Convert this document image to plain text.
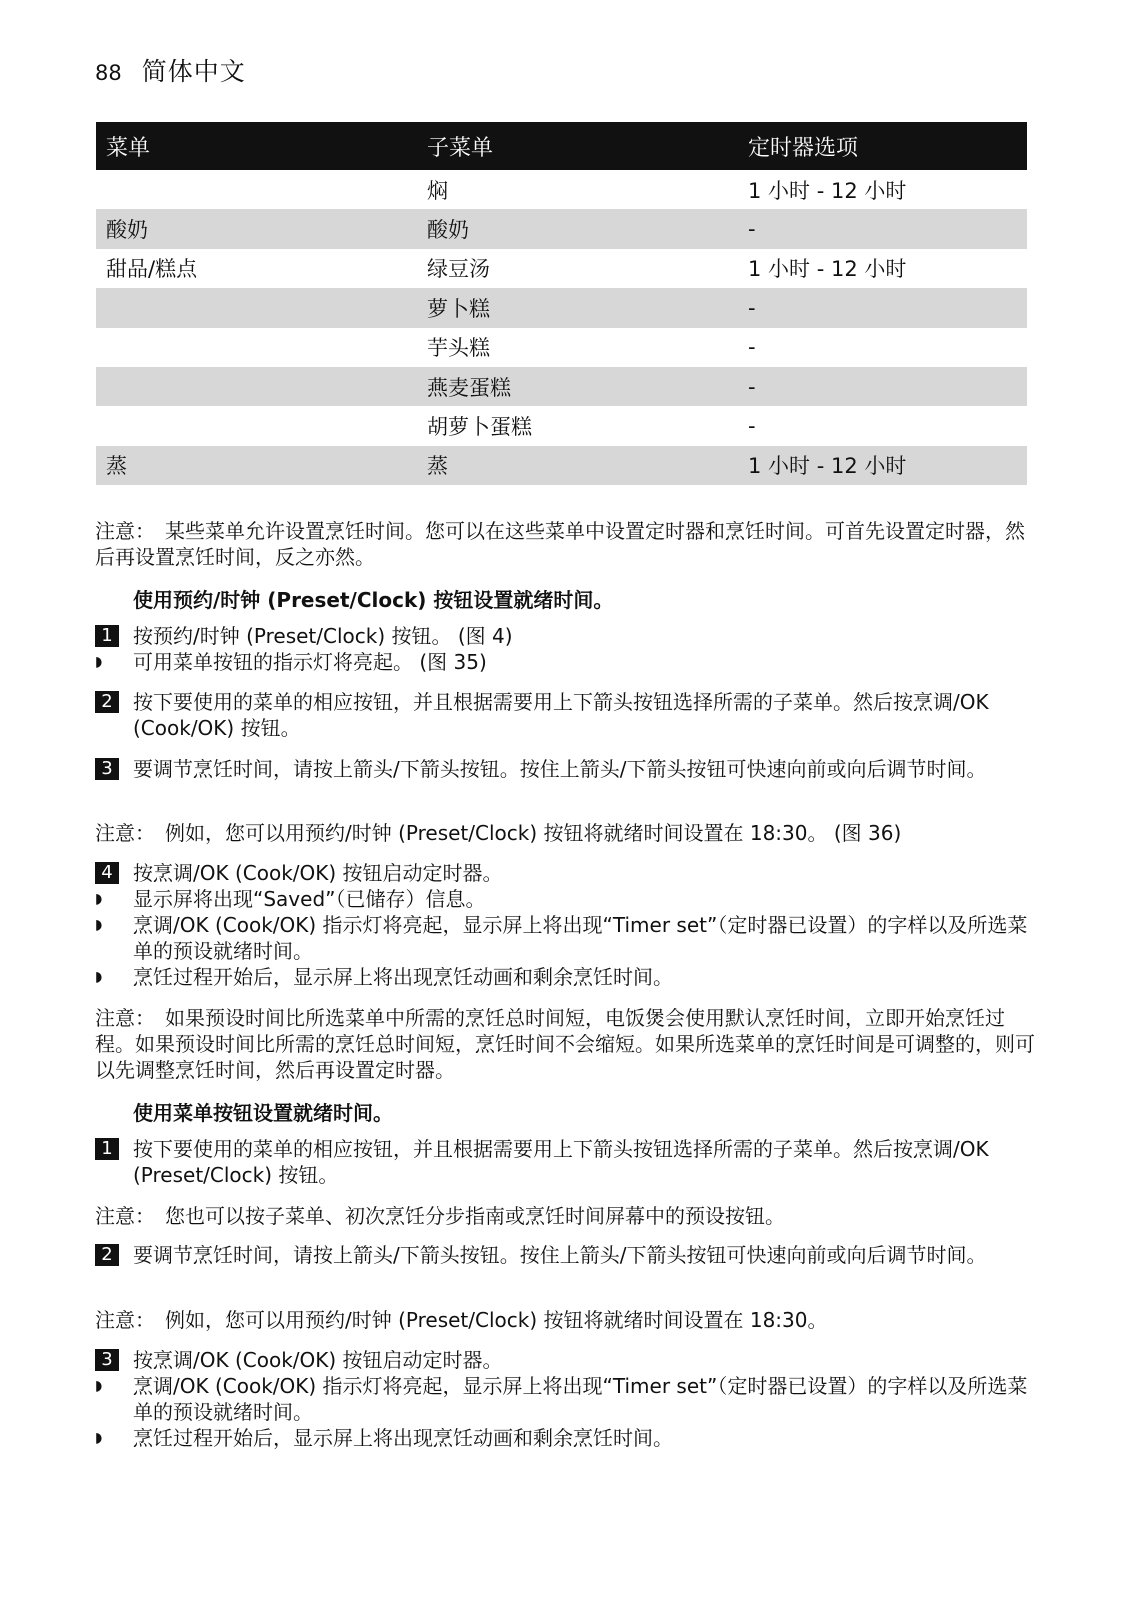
88 简体中文
菜单	子菜单	定时器选项
	焖	1 小时 - 12 小时
酸奶	酸奶	-
甜品/糕点	绿豆汤	1 小时 - 12 小时
	萝卜糕	-
	芋头糕	-
	燕麦蛋糕	-
	胡萝卜蛋糕	-
蒸	蒸	1 小时 - 12 小时

注意： 某些菜单允许设置烹饪时间。您可以在这些菜单中设置定时器和烹饪时间。可首先设置定时器，然后再设置烹饪时间，反之亦然。

使用预约/时钟 (Preset/Clock) 按钮设置就绪时间。
1	按预约/时钟 (Preset/Clock) 按钮。 (图 4)
◗	可用菜单按钮的指示灯将亮起。 (图 35)
2	按下要使用的菜单的相应按钮，并且根据需要用上下箭头按钮选择所需的子菜单。然后按烹调/OK (Cook/OK) 按钮。
3	要调节烹饪时间，请按上箭头/下箭头按钮。按住上箭头/下箭头按钮可快速向前或向后调节时间。

注意： 例如，您可以用预约/时钟 (Preset/Clock) 按钮将就绪时间设置在 18:30。 (图 36)

4	按烹调/OK (Cook/OK) 按钮启动定时器。
◗	显示屏将出现“Saved”（已储存）信息。
◗	烹调/OK (Cook/OK) 指示灯将亮起，显示屏上将出现“Timer set”（定时器已设置）的字样以及所选菜单的预设就绪时间。
◗	烹饪过程开始后，显示屏上将出现烹饪动画和剩余烹饪时间。

注意： 如果预设时间比所选菜单中所需的烹饪总时间短，电饭煲会使用默认烹饪时间，立即开始烹饪过程。如果预设时间比所需的烹饪总时间短，烹饪时间不会缩短。如果所选菜单的烹饪时间是可调整的，则可以先调整烹饪时间，然后再设置定时器。

使用菜单按钮设置就绪时间。
1	按下要使用的菜单的相应按钮，并且根据需要用上下箭头按钮选择所需的子菜单。然后按烹调/OK (Preset/Clock) 按钮。

注意： 您也可以按子菜单、初次烹饪分步指南或烹饪时间屏幕中的预设按钮。

2	要调节烹饪时间，请按上箭头/下箭头按钮。按住上箭头/下箭头按钮可快速向前或向后调节时间。

注意： 例如，您可以用预约/时钟 (Preset/Clock) 按钮将就绪时间设置在 18:30。

3	按烹调/OK (Cook/OK) 按钮启动定时器。
◗	烹调/OK (Cook/OK) 指示灯将亮起，显示屏上将出现“Timer set”（定时器已设置）的字样以及所选菜单的预设就绪时间。
◗	烹饪过程开始后，显示屏上将出现烹饪动画和剩余烹饪时间。
